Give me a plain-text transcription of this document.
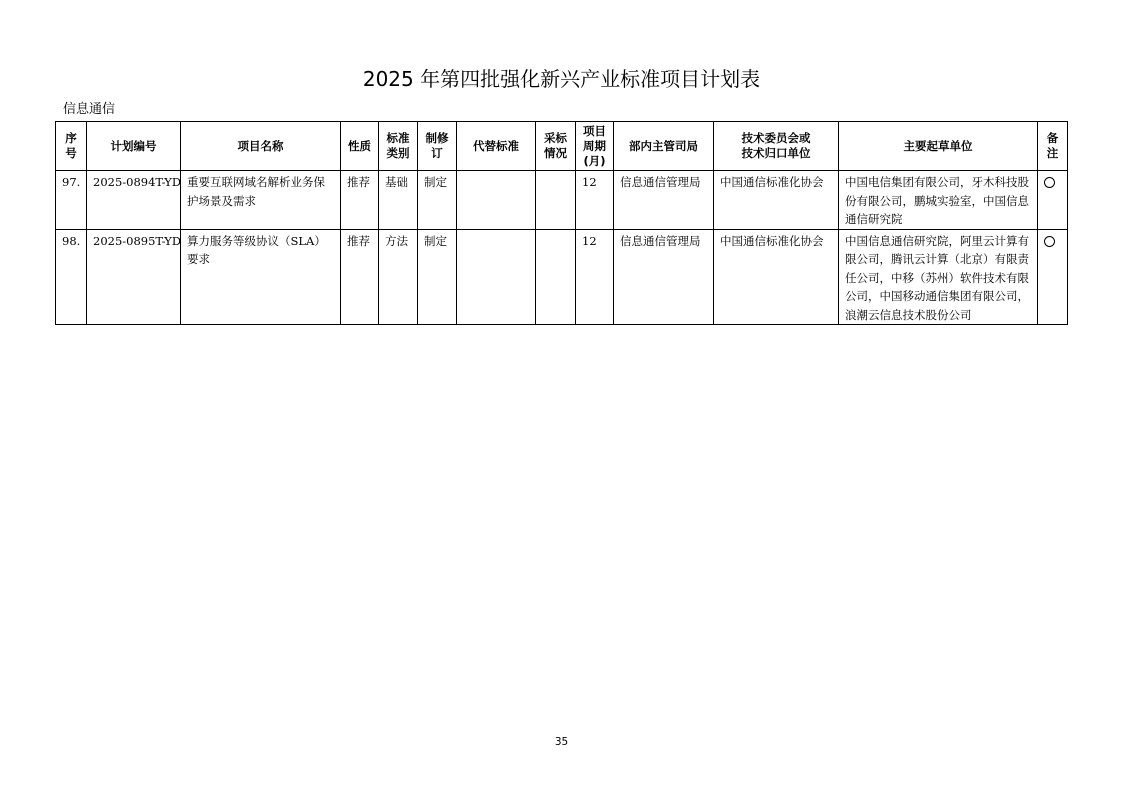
2025 年第四批强化新兴产业标准项目计划表
信息通信
序号	计划编号	项目名称	性质	标准类别	制修订	代替标准	采标情况	项目周期(月)	部内主管司局	技术委员会或技术归口单位	主要起草单位	备注

97.	2025-0894T-YD	重要互联网域名解析业务保护场景及需求	推荐	基础	制定			12	信息通信管理局	中国通信标准化协会	中国电信集团有限公司，牙木科技股份有限公司，鹏城实验室，中国信息通信研究院	
98.	2025-0895T-YD	算力服务等级协议（SLA）要求	推荐	方法	制定			12	信息通信管理局	中国通信标准化协会	中国信息通信研究院，阿里云计算有限公司，腾讯云计算（北京）有限责任公司，中移（苏州）软件技术有限公司，中国移动通信集团有限公司，浪潮云信息技术股份公司	
35
